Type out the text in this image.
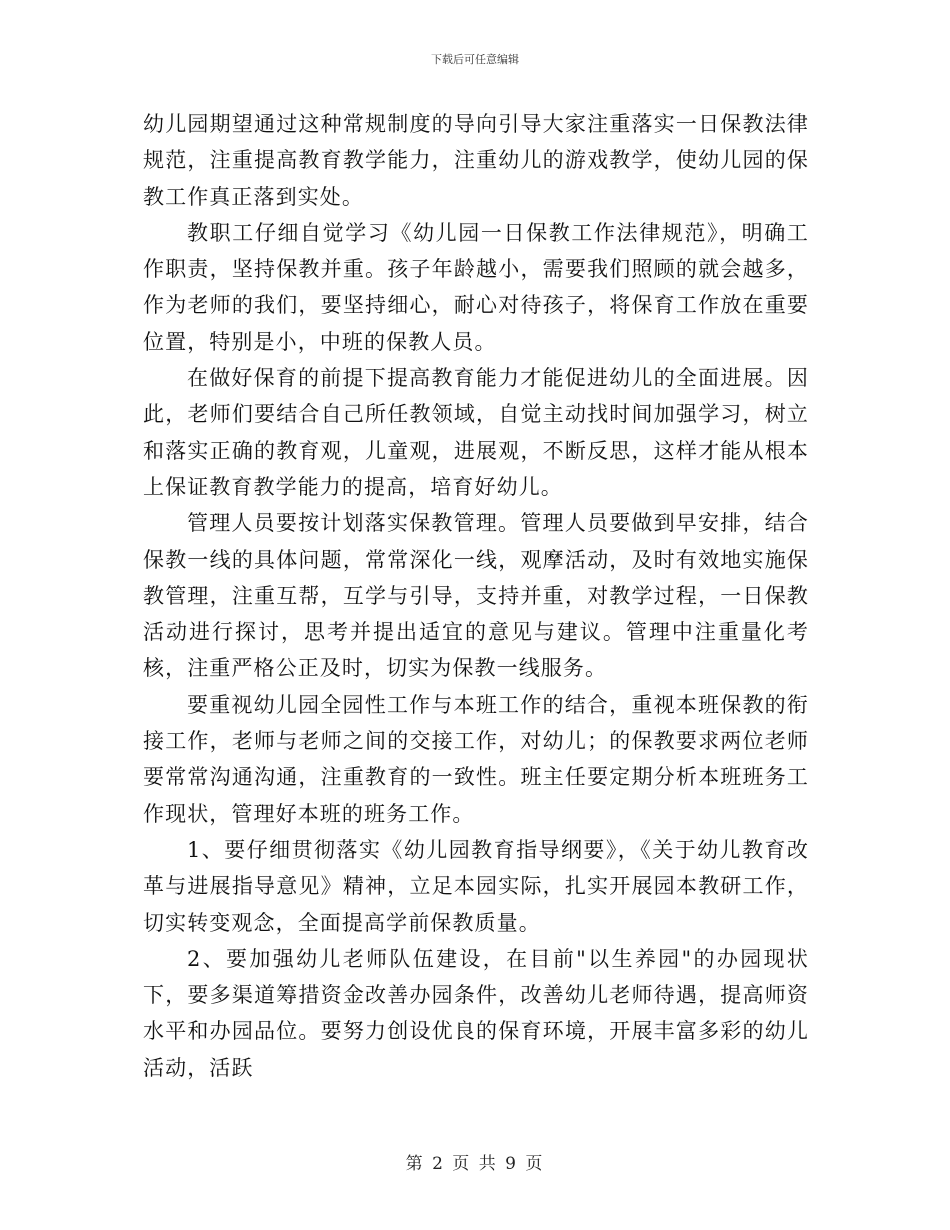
下载后可任意编辑

幼儿园期望通过这种常规制度的导向引导大家注重落实一日保教法律规范，注重提高教育教学能力，注重幼儿的游戏教学，使幼儿园的保教工作真正落到实处。

教职工仔细自觉学习《幼儿园一日保教工作法律规范》，明确工作职责，坚持保教并重。孩子年龄越小，需要我们照顾的就会越多，作为老师的我们，要坚持细心，耐心对待孩子，将保育工作放在重要位置，特别是小，中班的保教人员。

在做好保育的前提下提高教育能力才能促进幼儿的全面进展。因此，老师们要结合自己所任教领域，自觉主动找时间加强学习，树立和落实正确的教育观，儿童观，进展观，不断反思，这样才能从根本上保证教育教学能力的提高，培育好幼儿。

管理人员要按计划落实保教管理。管理人员要做到早安排，结合保教一线的具体问题，常常深化一线，观摩活动，及时有效地实施保教管理，注重互帮，互学与引导，支持并重，对教学过程，一日保教活动进行探讨，思考并提出适宜的意见与建议。管理中注重量化考核，注重严格公正及时，切实为保教一线服务。

要重视幼儿园全园性工作与本班工作的结合，重视本班保教的衔接工作，老师与老师之间的交接工作，对幼儿；的保教要求两位老师要常常沟通沟通，注重教育的一致性。班主任要定期分析本班班务工作现状，管理好本班的班务工作。

1、要仔细贯彻落实《幼儿园教育指导纲要》，《关于幼儿教育改革与进展指导意见》精神，立足本园实际，扎实开展园本教研工作，切实转变观念，全面提高学前保教质量。

2、要加强幼儿老师队伍建设，在目前"以生养园"的办园现状下，要多渠道筹措资金改善办园条件，改善幼儿老师待遇，提高师资水平和办园品位。要努力创设优良的保育环境，开展丰富多彩的幼儿活动，活跃

第 2 页 共 9 页
